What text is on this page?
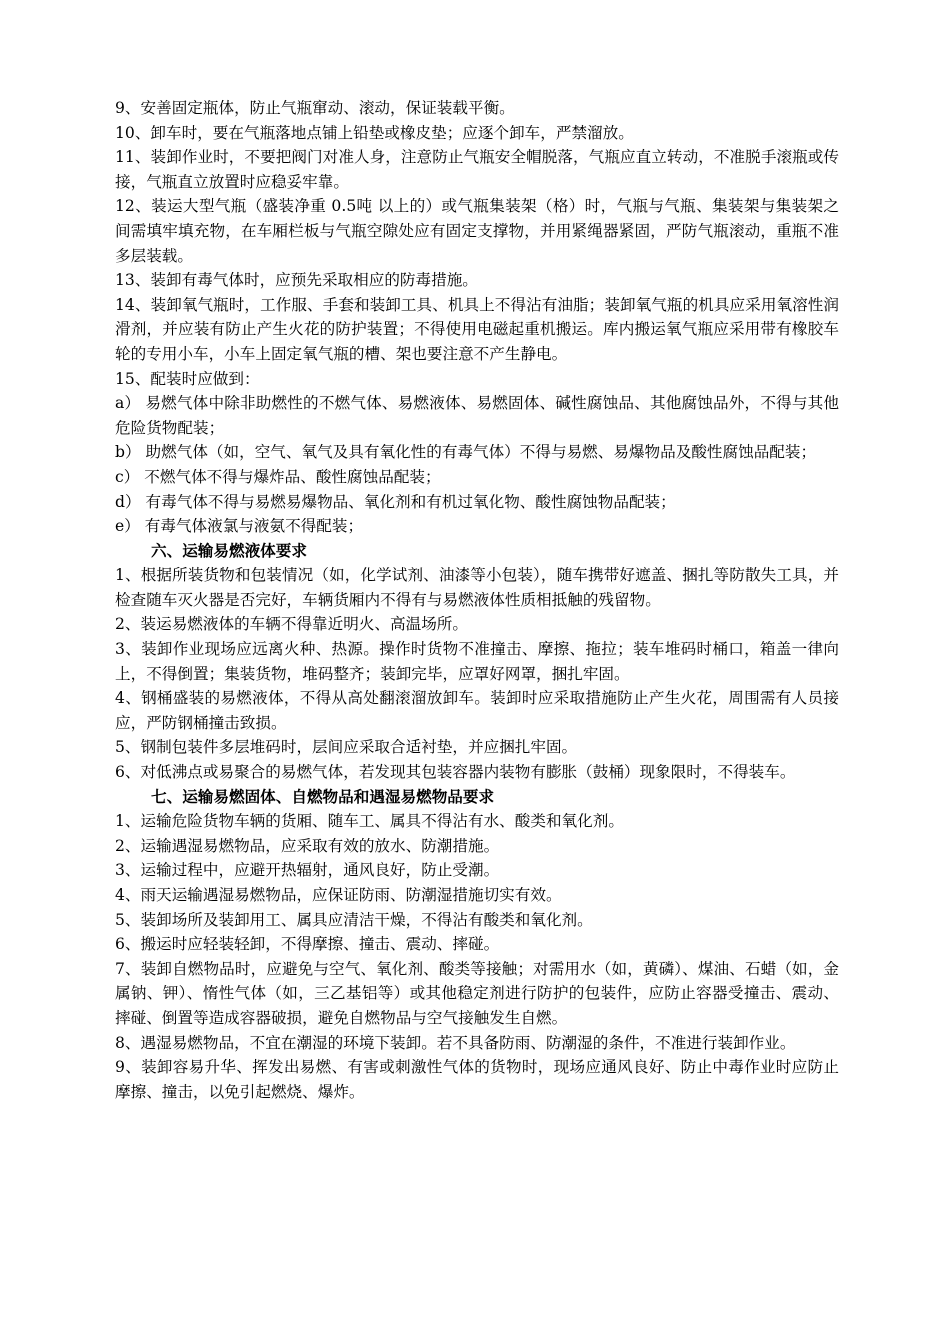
9、安善固定瓶体，防止气瓶窜动、滚动，保证装载平衡。

10、卸车时，要在气瓶落地点铺上铅垫或橡皮垫；应逐个卸车，严禁溜放。

11、装卸作业时，不要把阀门对准人身，注意防止气瓶安全帽脱落，气瓶应直立转动，不准脱手滚瓶或传接，气瓶直立放置时应稳妥牢靠。

12、装运大型气瓶（盛装净重 0.5吨 以上的）或气瓶集装架（格）时，气瓶与气瓶、集装架与集装架之间需填牢填充物，在车厢栏板与气瓶空隙处应有固定支撑物，并用紧绳器紧固，严防气瓶滚动，重瓶不准多层装载。

13、装卸有毒气体时，应预先采取相应的防毒措施。

14、装卸氧气瓶时，工作服、手套和装卸工具、机具上不得沾有油脂；装卸氧气瓶的机具应采用氧溶性润滑剂，并应装有防止产生火花的防护装置；不得使用电磁起重机搬运。库内搬运氧气瓶应采用带有橡胶车轮的专用小车，小车上固定氧气瓶的槽、架也要注意不产生静电。

15、配装时应做到：

a） 易燃气体中除非助燃性的不燃气体、易燃液体、易燃固体、碱性腐蚀品、其他腐蚀品外，不得与其他危险货物配装；

b） 助燃气体（如，空气、氧气及具有氧化性的有毒气体）不得与易燃、易爆物品及酸性腐蚀品配装；

c） 不燃气体不得与爆炸品、酸性腐蚀品配装；

d） 有毒气体不得与易燃易爆物品、氧化剂和有机过氧化物、酸性腐蚀物品配装；

e） 有毒气体液氯与液氨不得配装；

六、运输易燃液体要求

1、根据所装货物和包装情况（如，化学试剂、油漆等小包装），随车携带好遮盖、捆扎等防散失工具，并检查随车灭火器是否完好，车辆货厢内不得有与易燃液体性质相抵触的残留物。

2、装运易燃液体的车辆不得靠近明火、高温场所。

3、装卸作业现场应远离火种、热源。操作时货物不准撞击、摩擦、拖拉；装车堆码时桶口，箱盖一律向上，不得倒置；集装货物，堆码整齐；装卸完毕，应罩好网罩，捆扎牢固。

4、钢桶盛装的易燃液体，不得从高处翻滚溜放卸车。装卸时应采取措施防止产生火花，周围需有人员接应，严防钢桶撞击致损。

5、钢制包装件多层堆码时，层间应采取合适衬垫，并应捆扎牢固。

6、对低沸点或易聚合的易燃气体，若发现其包装容器内装物有膨胀（鼓桶）现象限时，不得装车。

七、运输易燃固体、自燃物品和遇湿易燃物品要求

1、运输危险货物车辆的货厢、随车工、属具不得沾有水、酸类和氧化剂。

2、运输遇湿易燃物品，应采取有效的放水、防潮措施。

3、运输过程中，应避开热辐射，通风良好，防止受潮。

4、雨天运输遇湿易燃物品，应保证防雨、防潮湿措施切实有效。

5、装卸场所及装卸用工、属具应清洁干燥，不得沾有酸类和氧化剂。

6、搬运时应轻装轻卸，不得摩擦、撞击、震动、摔碰。

7、装卸自燃物品时，应避免与空气、氧化剂、酸类等接触；对需用水（如，黄磷）、煤油、石蜡（如，金属钠、钾）、惰性气体（如，三乙基铝等）或其他稳定剂进行防护的包装件，应防止容器受撞击、震动、摔碰、倒置等造成容器破损，避免自燃物品与空气接触发生自燃。

8、遇湿易燃物品，不宜在潮湿的环境下装卸。若不具备防雨、防潮湿的条件，不准进行装卸作业。

9、装卸容易升华、挥发出易燃、有害或刺激性气体的货物时，现场应通风良好、防止中毒作业时应防止摩擦、撞击，以免引起燃烧、爆炸。
